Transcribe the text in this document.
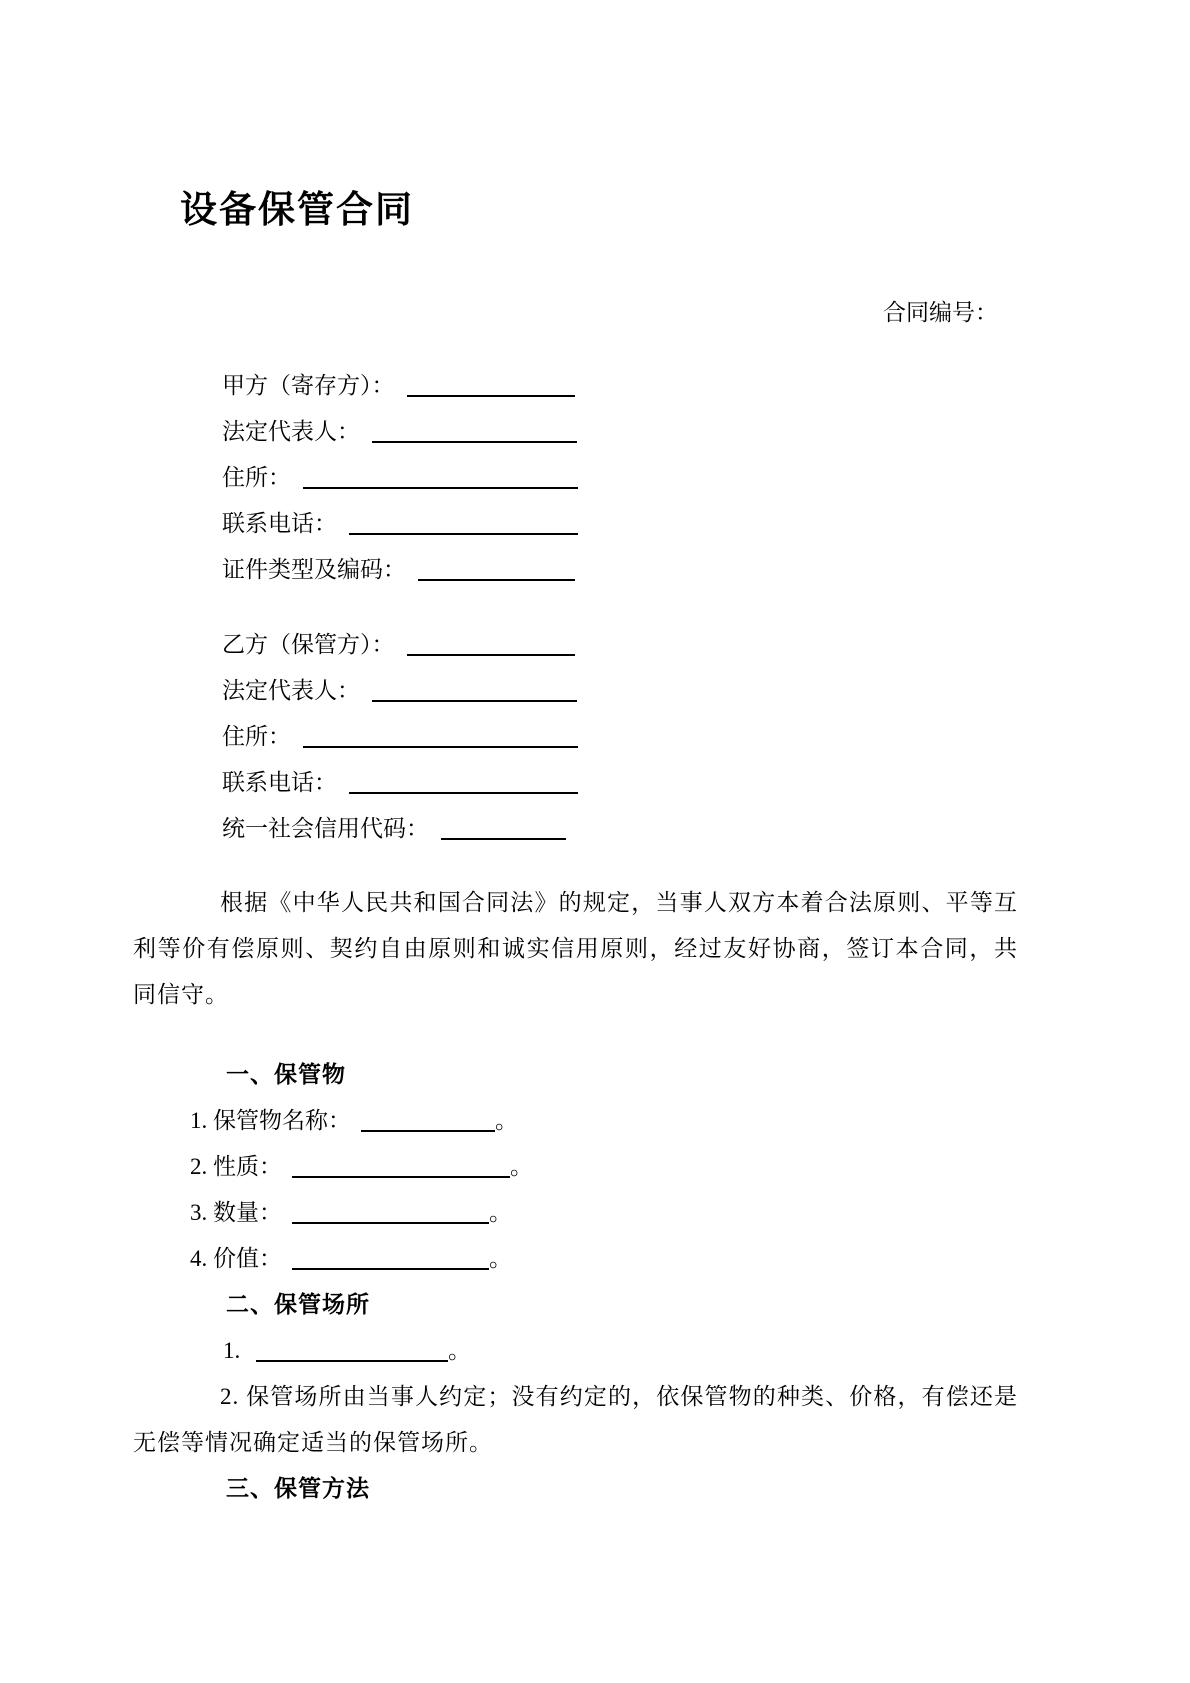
设备保管合同
合同编号：
甲方（寄存方）：
法定代表人：
住所：
联系电话：
证件类型及编码：
乙方（保管方）：
法定代表人：
住所：
联系电话：
统一社会信用代码：

根据《中华人民共和国合同法》的规定，当事人双方本着合法原则、平等互利等价有偿原则、契约自由原则和诚实信用原则，经过友好协商，签订本合同，共同信守。

一、保管物
1. 保管物名称：	。
2. 性质：	。
3. 数量：	。
4. 价值：	。
二、保管场所
1.	。

2. 保管场所由当事人约定；没有约定的，依保管物的种类、价格，有偿还是无偿等情况确定适当的保管场所。

三、保管方法
